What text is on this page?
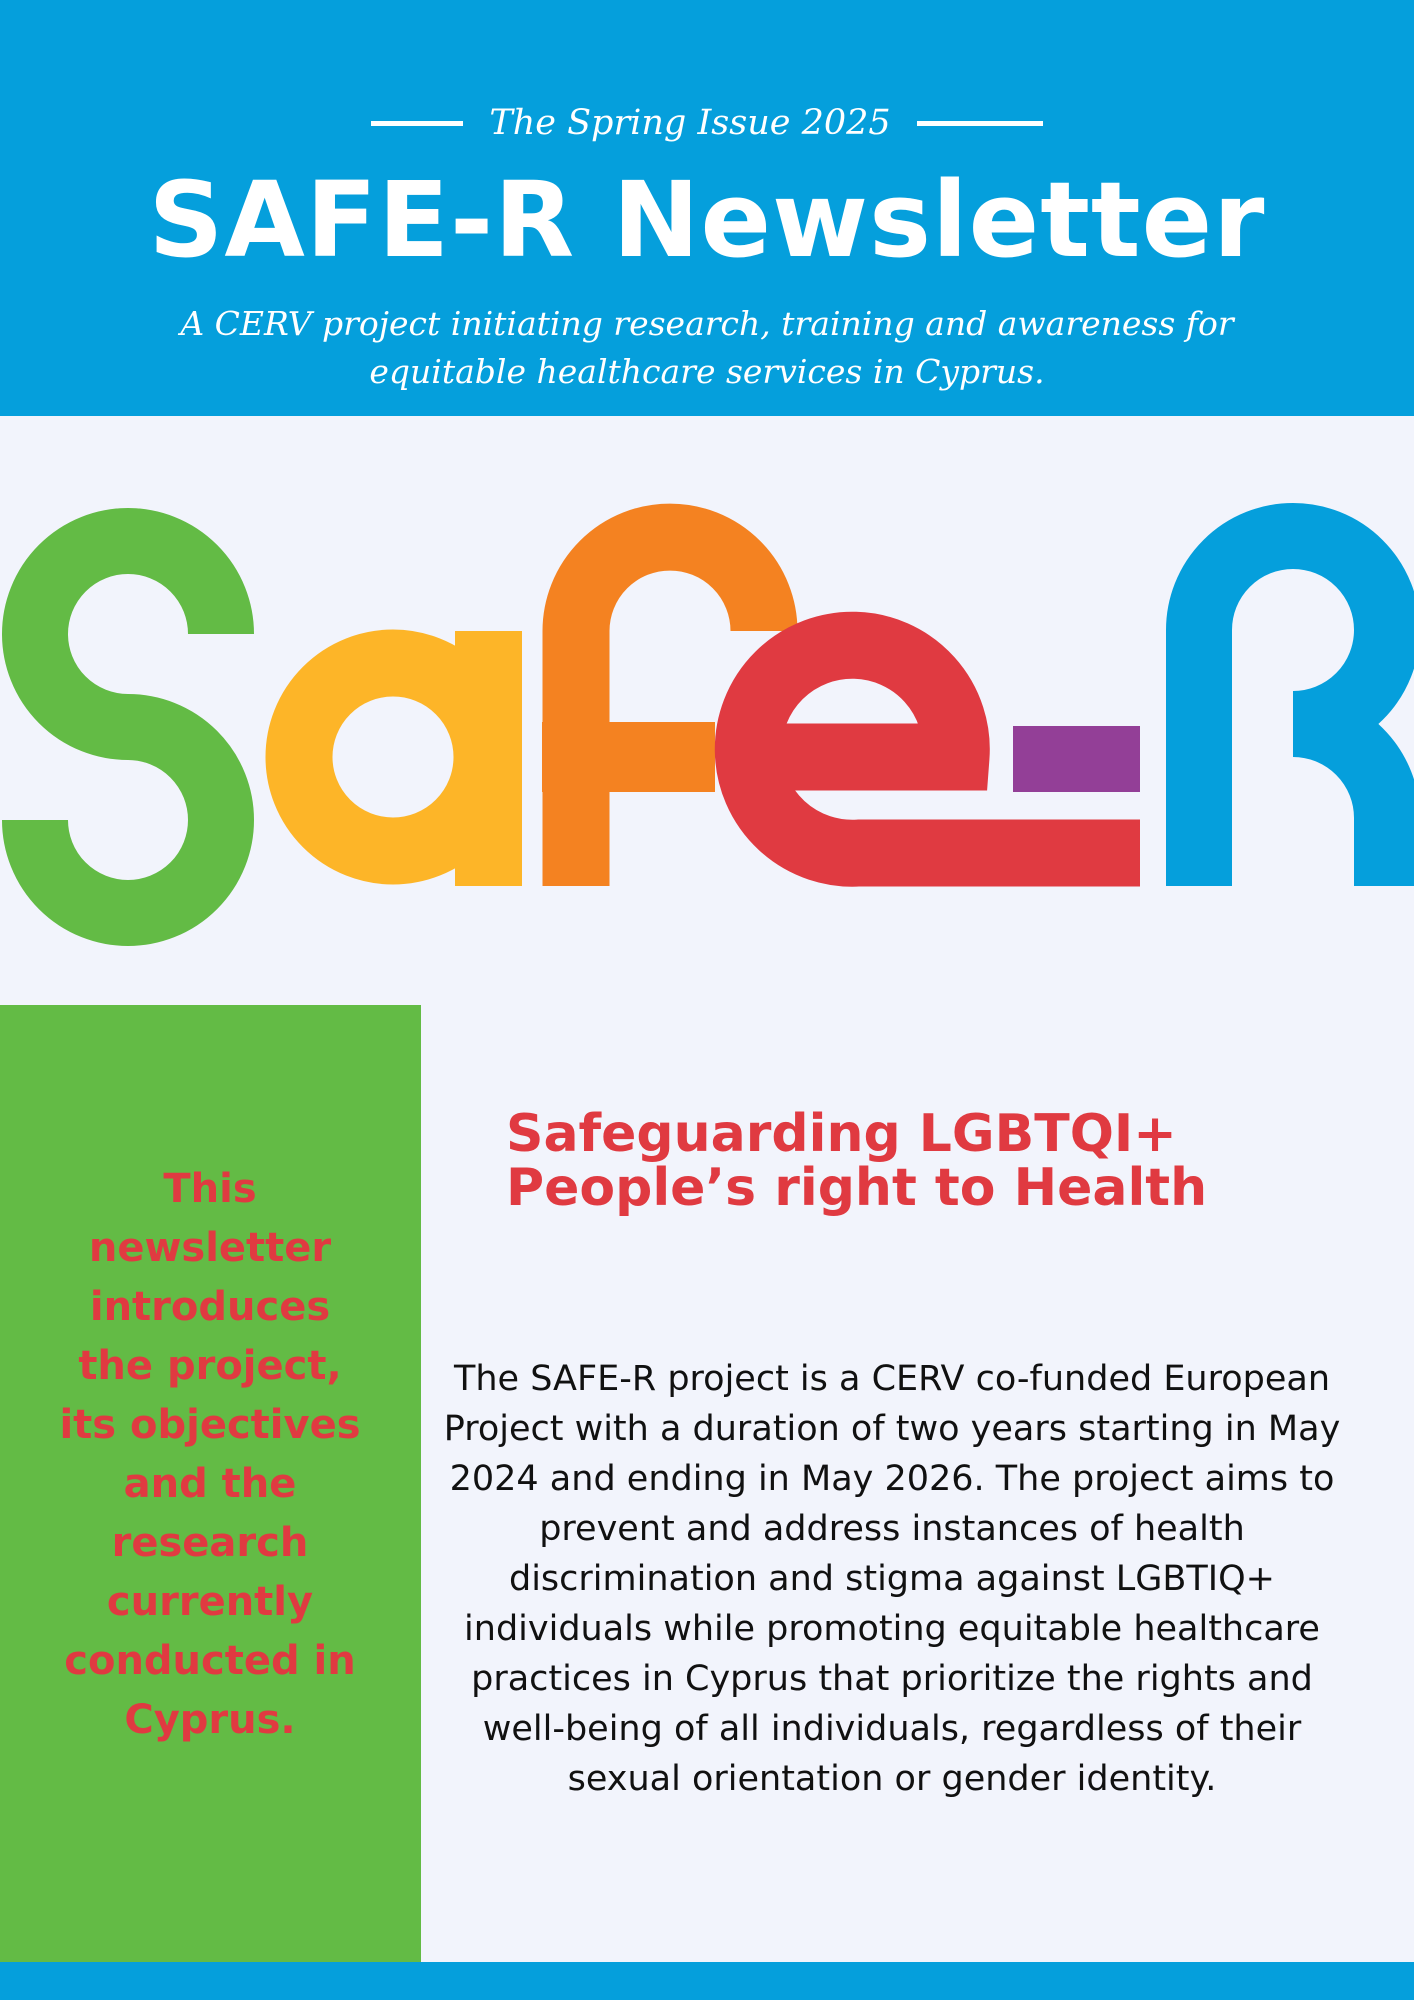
The Spring Issue 2025
SAFE-R Newsletter

A CERV project initiating research, training and awareness for equitable healthcare services in Cyprus.

This newsletter introduces the project, its objectives and the research currently conducted in Cyprus.

Safeguarding LGBTQI+ People’s right to Health

The SAFE-R project is a CERV co-funded European Project with a duration of two years starting in May 2024 and ending in May 2026. The project aims to prevent and address instances of health discrimination and stigma against LGBTIQ+ individuals while promoting equitable healthcare practices in Cyprus that prioritize the rights and well-being of all individuals, regardless of their sexual orientation or gender identity.
